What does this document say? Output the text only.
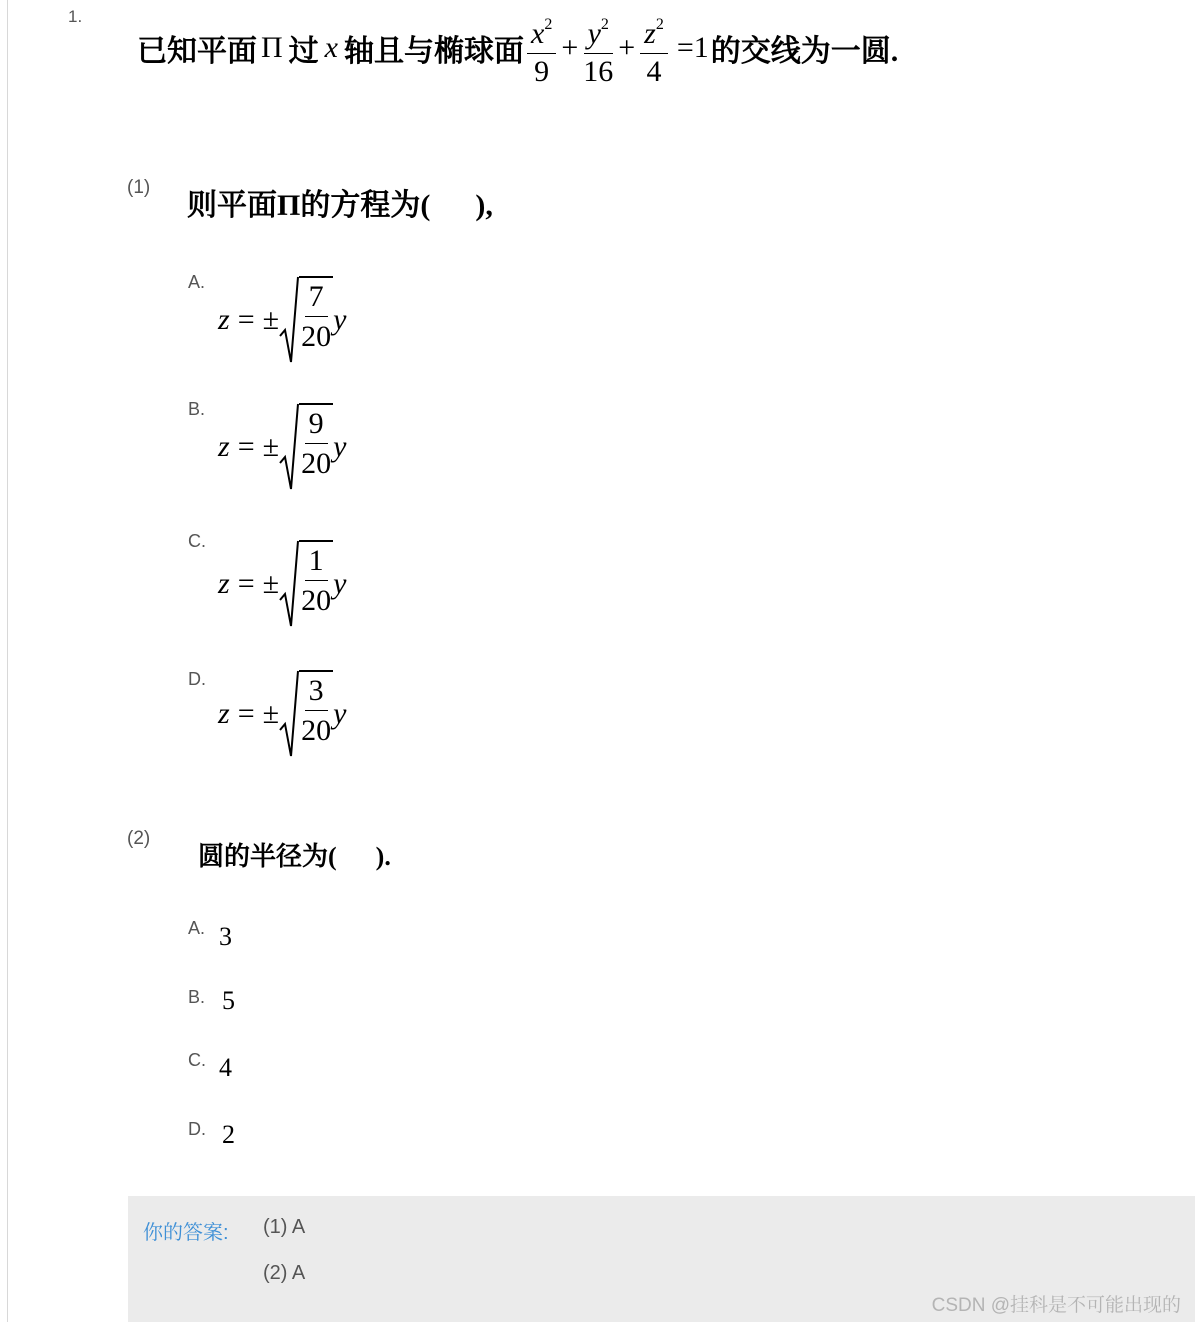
1.
已知平面 Π 过 x 轴且与椭球面 $\frac{x^2}{9} + \frac{y^2}{16} + \frac{z^2}{4} =1$ 的交线为一圆.
(1)
则平面Π的方程为(      ),
A.
z = ±
7
20
y
B.
z = ±
9
20
y
C.
z = ±
1
20
y
D.
z = ±
3
20
y
(2)
圆的半径为(      ).
A. 3
B. 5
C. 4
D. 2
你的答案: (1) A
(2) A
CSDN @挂科是不可能出现的
